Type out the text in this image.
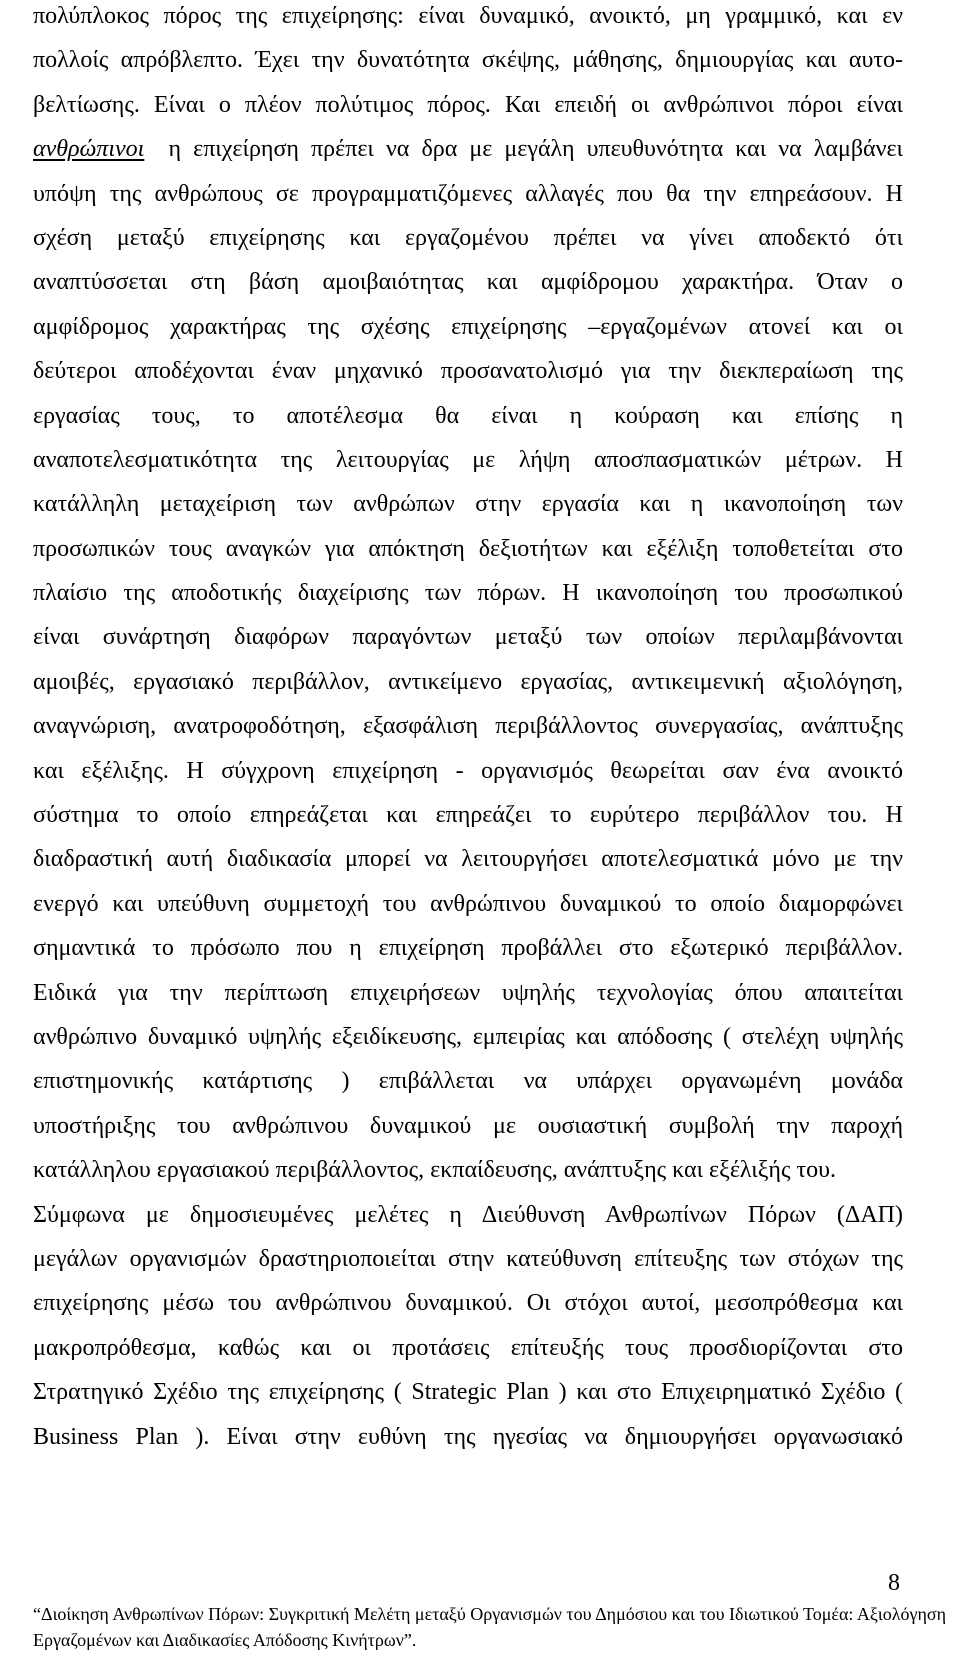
πολύπλοκος πόρος της επιχείρησης: είναι δυναμικό, ανοικτό, μη γραμμικό, και εν
πολλοίς απρόβλεπτο. Έχει την δυνατότητα σκέψης, μάθησης, δημιουργίας και αυτο-
βελτίωσης. Είναι ο πλέον πολύτιμος πόρος. Και επειδή οι ανθρώπινοι πόροι είναι
ανθρώπινοι η επιχείρηση πρέπει να δρα με μεγάλη υπευθυνότητα και να λαμβάνει
υπόψη της ανθρώπους σε προγραμματιζόμενες αλλαγές που θα την επηρεάσουν. Η
σχέση μεταξύ επιχείρησης και εργαζομένου πρέπει να γίνει αποδεκτό ότι
αναπτύσσεται στη βάση αμοιβαιότητας και αμφίδρομου χαρακτήρα. Όταν ο
αμφίδρομος χαρακτήρας της σχέσης επιχείρησης –εργαζομένων ατονεί και οι
δεύτεροι αποδέχονται έναν μηχανικό προσανατολισμό για την διεκπεραίωση της
εργασίας τους, το αποτέλεσμα θα είναι η κούραση και επίσης η
αναποτελεσματικότητα της λειτουργίας με λήψη αποσπασματικών μέτρων. Η
κατάλληλη μεταχείριση των ανθρώπων στην εργασία και η ικανοποίηση των
προσωπικών τους αναγκών για απόκτηση δεξιοτήτων και εξέλιξη τοποθετείται στο
πλαίσιο της αποδοτικής διαχείρισης των πόρων. Η ικανοποίηση του προσωπικού
είναι συνάρτηση διαφόρων παραγόντων μεταξύ των οποίων περιλαμβάνονται
αμοιβές, εργασιακό περιβάλλον, αντικείμενο εργασίας, αντικειμενική αξιολόγηση,
αναγνώριση, ανατροφοδότηση, εξασφάλιση περιβάλλοντος συνεργασίας, ανάπτυξης
και εξέλιξης. Η σύγχρονη επιχείρηση - οργανισμός θεωρείται σαν ένα ανοικτό
σύστημα το οποίο επηρεάζεται και επηρεάζει το ευρύτερο περιβάλλον του. Η
διαδραστική αυτή διαδικασία μπορεί να λειτουργήσει αποτελεσματικά μόνο με την
ενεργό και υπεύθυνη συμμετοχή του ανθρώπινου δυναμικού το οποίο διαμορφώνει
σημαντικά το πρόσωπο που η επιχείρηση προβάλλει στο εξωτερικό περιβάλλον.
Ειδικά για την περίπτωση επιχειρήσεων υψηλής τεχνολογίας όπου απαιτείται
ανθρώπινο δυναμικό υψηλής εξειδίκευσης, εμπειρίας και απόδοσης ( στελέχη υψηλής
επιστημονικής κατάρτισης ) επιβάλλεται να υπάρχει οργανωμένη μονάδα
υποστήριξης του ανθρώπινου δυναμικού με ουσιαστική συμβολή την παροχή
κατάλληλου εργασιακού περιβάλλοντος, εκπαίδευσης, ανάπτυξης και εξέλιξής του.
Σύμφωνα με δημοσιευμένες μελέτες η Διεύθυνση Ανθρωπίνων Πόρων (ΔΑΠ)
μεγάλων οργανισμών δραστηριοποιείται στην κατεύθυνση επίτευξης των στόχων της
επιχείρησης μέσω του ανθρώπινου δυναμικού. Οι στόχοι αυτοί, μεσοπρόθεσμα και
μακροπρόθεσμα, καθώς και οι προτάσεις επίτευξής τους προσδιορίζονται στο
Στρατηγικό Σχέδιο της επιχείρησης ( Strategic Plan ) και στο Επιχειρηματικό Σχέδιο (
Business Plan ). Είναι στην ευθύνη της ηγεσίας να δημιουργήσει οργανωσιακό
8
“Διοίκηση Ανθρωπίνων Πόρων: Συγκριτική Μελέτη μεταξύ Οργανισμών του Δημόσιου και του Ιδιωτικού Τομέα: Αξιολόγηση
Εργαζομένων και Διαδικασίες Απόδοσης Κινήτρων”.
